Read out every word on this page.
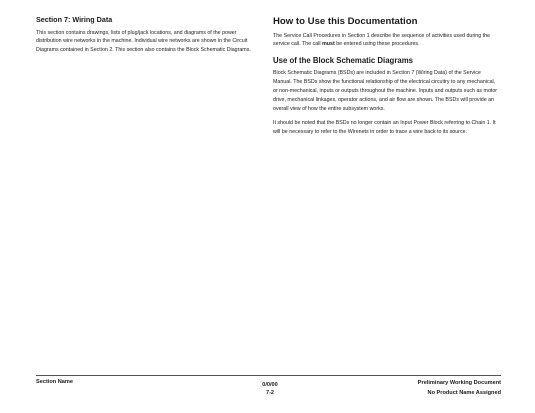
Section 7: Wiring Data

This section contains drawings, lists of plug/jack locations, and diagrams of the power distribution wire networks in the machine. Individual wire networks are shown in the Circuit Diagrams contained in Section 2. This section also contains the Block Schematic Diagrams.

How to Use this Documentation

The Service Call Procedures in Section 1 describe the sequence of activities used during the service call. The call must be entered using these procedures.

Use of the Block Schematic Diagrams

Block Schematic Diagrams (BSDs) are included in Section 7 (Wiring Data) of the Service Manual. The BSDs show the functional relationship of the electrical circuitry to any mechanical, or non-mechanical, inputs or outputs throughout the machine. Inputs and outputs such as motor drive, mechanical linkages, operator actions, and air flow are shown. The BSDs will provide an overall view of how the entire subsystem works.

It should be noted that the BSDs no longer contain an Input Power Block referring to Chain 1. It will be necessary to refer to the Wirenets in order to trace a wire back to its source.

Section Name	0/0/00
7-2
Preliminary Working Document
No Product Name Assigned
